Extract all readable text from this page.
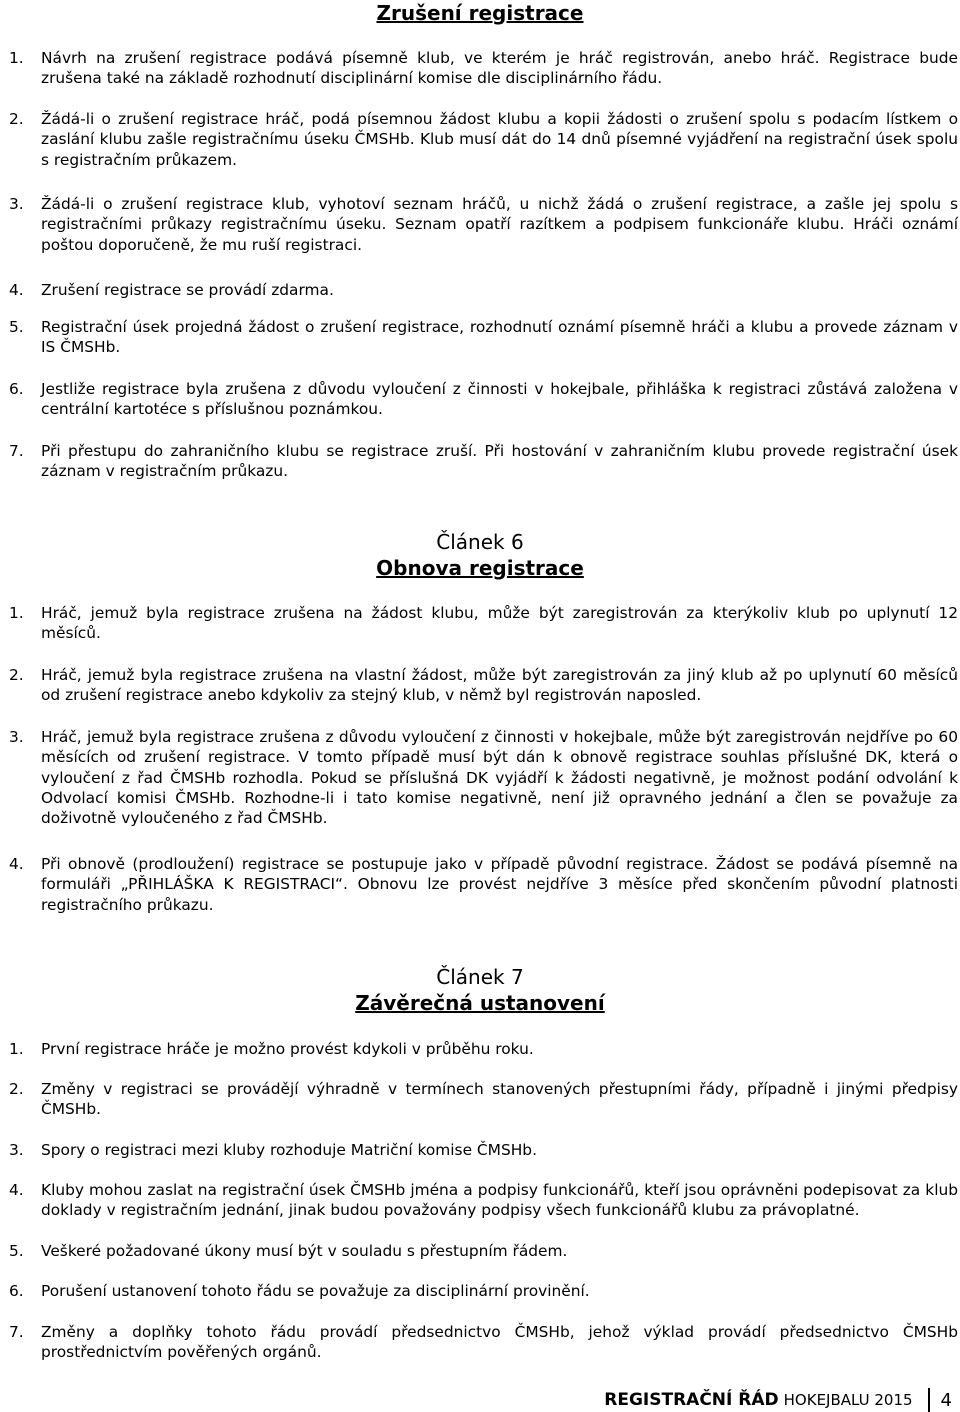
Zrušení registrace
1. Návrh na zrušení registrace podává písemně klub, ve kterém je hráč registrován, anebo hráč. Registrace bude zrušena také na základě rozhodnutí disciplinární komise dle disciplinárního řádu.
2. Žádá-li o zrušení registrace hráč, podá písemnou žádost klubu a kopii žádosti o zrušení spolu s podacím lístkem o zaslání klubu zašle registračnímu úseku ČMSHb. Klub musí dát do 14 dnů písemné vyjádření na registrační úsek spolu s registračním průkazem.
3. Žádá-li o zrušení registrace klub, vyhotoví seznam hráčů, u nichž žádá o zrušení registrace, a zašle jej spolu s registračními průkazy registračnímu úseku. Seznam opatří razítkem a podpisem funkcionáře klubu. Hráči oznámí poštou doporučeně, že mu ruší registraci.
4. Zrušení registrace se provádí zdarma.
5. Registrační úsek projedná žádost o zrušení registrace, rozhodnutí oznámí písemně hráči a klubu a provede záznam v IS ČMSHb.
6. Jestliže registrace byla zrušena z důvodu vyloučení z činnosti v hokejbale, přihláška k registraci zůstává založena v centrální kartotéce s příslušnou poznámkou.
7. Při přestupu do zahraničního klubu se registrace zruší. Při hostování v zahraničním klubu provede registrační úsek záznam v registračním průkazu.
Článek 6
Obnova registrace
1. Hráč, jemuž byla registrace zrušena na žádost klubu, může být zaregistrován za kterýkoliv klub po uplynutí 12 měsíců.
2. Hráč, jemuž byla registrace zrušena na vlastní žádost, může být zaregistrován za jiný klub až po uplynutí 60 měsíců od zrušení registrace anebo kdykoliv za stejný klub, v němž byl registrován naposled.
3. Hráč, jemuž byla registrace zrušena z důvodu vyloučení z činnosti v hokejbale, může být zaregistrován nejdříve po 60 měsících od zrušení registrace. V tomto případě musí být dán k obnově registrace souhlas příslušné DK, která o vyloučení z řad ČMSHb rozhodla. Pokud se příslušná DK vyjádří k žádosti negativně, je možnost podání odvolání k Odvolací komisi ČMSHb. Rozhodne-li i tato komise negativně, není již opravného jednání a člen se považuje za doživotně vyloučeného z řad ČMSHb.
4. Při obnově (prodloužení) registrace se postupuje jako v případě původní registrace. Žádost se podává písemně na formuláři „PŘIHLÁŠKA K REGISTRACI“. Obnovu lze provést nejdříve 3 měsíce před skončením původní platnosti registračního průkazu.
Článek 7
Závěrečná ustanovení
1. První registrace hráče je možno provést kdykoli v průběhu roku.
2. Změny v registraci se provádějí výhradně v termínech stanovených přestupními řády, případně i jinými předpisy ČMSHb.
3. Spory o registraci mezi kluby rozhoduje Matriční komise ČMSHb.
4. Kluby mohou zaslat na registrační úsek ČMSHb jména a podpisy funkcionářů, kteří jsou oprávněni podepisovat za klub doklady v registračním jednání, jinak budou považovány podpisy všech funkcionářů klubu za právoplatné.
5. Veškeré požadované úkony musí být v souladu s přestupním řádem.
6. Porušení ustanovení tohoto řádu se považuje za disciplinární provinění.
7. Změny a doplňky tohoto řádu provádí předsednictvo ČMSHb, jehož výklad provádí předsednictvo ČMSHb prostřednictvím pověřených orgánů.
REGISTRAČNÍ ŘÁD HOKEJBALU 2015 4
